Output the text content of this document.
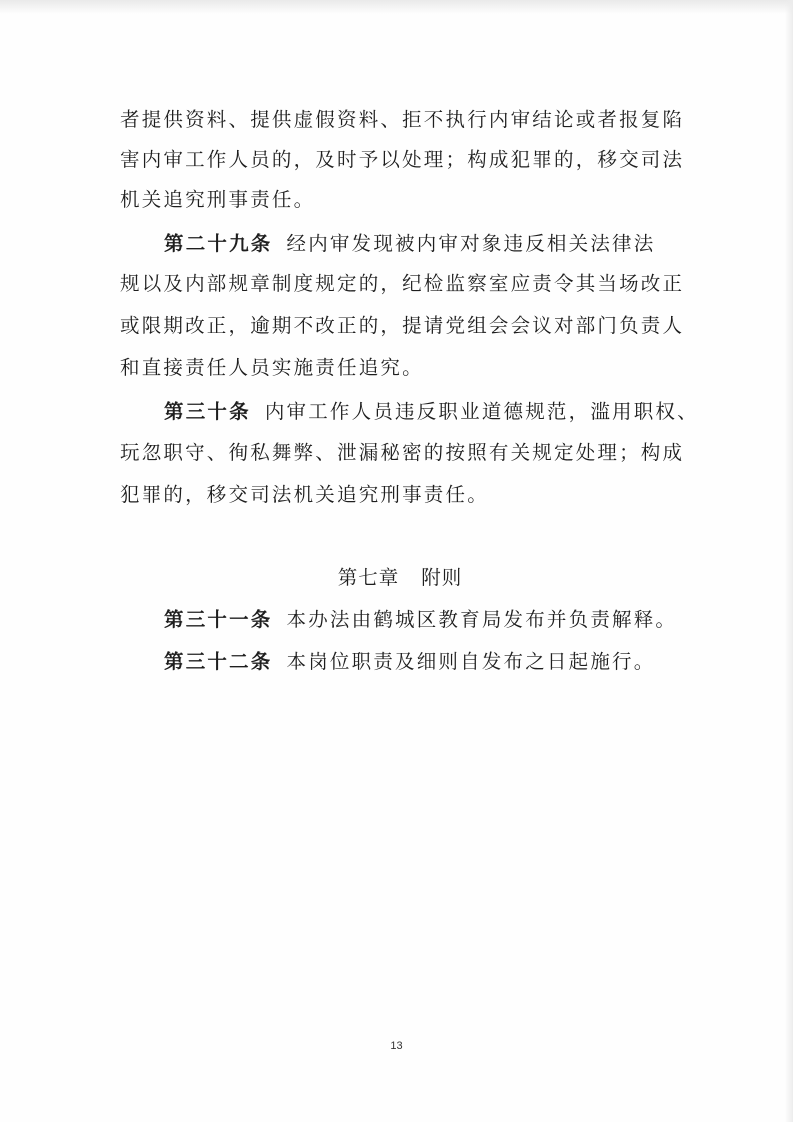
者提供资料、提供虚假资料、拒不执行内审结论或者报复陷
害内审工作人员的，及时予以处理；构成犯罪的，移交司法
机关追究刑事责任。
第二十九条 经内审发现被内审对象违反相关法律法
规以及内部规章制度规定的，纪检监察室应责令其当场改正
或限期改正，逾期不改正的，提请党组会会议对部门负责人
和直接责任人员实施责任追究。
第三十条 内审工作人员违反职业道德规范，滥用职权、
玩忽职守、徇私舞弊、泄漏秘密的按照有关规定处理；构成
犯罪的，移交司法机关追究刑事责任。
第七章 附则
第三十一条 本办法由鹤城区教育局发布并负责解释。
第三十二条 本岗位职责及细则自发布之日起施行。
13
